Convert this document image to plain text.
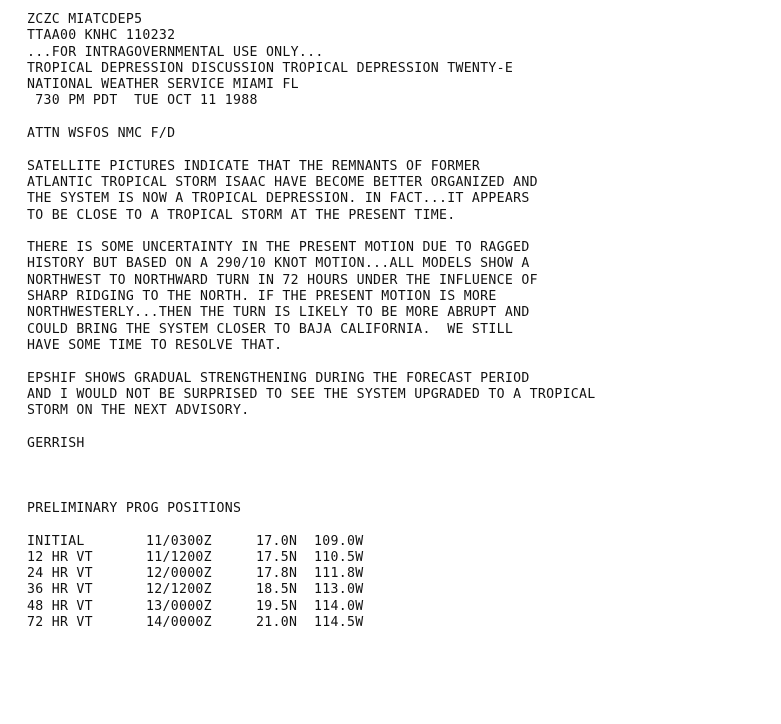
ZCZC MIATCDEP5
TTAA00 KNHC 110232
...FOR INTRAGOVERNMENTAL USE ONLY...
TROPICAL DEPRESSION DISCUSSION TROPICAL DEPRESSION TWENTY-E
NATIONAL WEATHER SERVICE MIAMI FL
730 PM PDT  TUE OCT 11 1988
ATTN WSFOS NMC F/D
SATELLITE PICTURES INDICATE THAT THE REMNANTS OF FORMER
ATLANTIC TROPICAL STORM ISAAC HAVE BECOME BETTER ORGANIZED AND
THE SYSTEM IS NOW A TROPICAL DEPRESSION. IN FACT...IT APPEARS
TO BE CLOSE TO A TROPICAL STORM AT THE PRESENT TIME.
THERE IS SOME UNCERTAINTY IN THE PRESENT MOTION DUE TO RAGGED
HISTORY BUT BASED ON A 290/10 KNOT MOTION...ALL MODELS SHOW A
NORTHWEST TO NORTHWARD TURN IN 72 HOURS UNDER THE INFLUENCE OF
SHARP RIDGING TO THE NORTH. IF THE PRESENT MOTION IS MORE
NORTHWESTERLY...THEN THE TURN IS LIKELY TO BE MORE ABRUPT AND
COULD BRING THE SYSTEM CLOSER TO BAJA CALIFORNIA.  WE STILL
HAVE SOME TIME TO RESOLVE THAT.
EPSHIF SHOWS GRADUAL STRENGTHENING DURING THE FORECAST PERIOD
AND I WOULD NOT BE SURPRISED TO SEE THE SYSTEM UPGRADED TO A TROPICAL
STORM ON THE NEXT ADVISORY.
GERRISH
PRELIMINARY PROG POSITIONS
INITIAL	11/0300Z	17.0N	109.0W
12 HR VT	11/1200Z	17.5N	110.5W
24 HR VT	12/0000Z	17.8N	111.8W
36 HR VT	12/1200Z	18.5N	113.0W
48 HR VT	13/0000Z	19.5N	114.0W
72 HR VT	14/0000Z	21.0N	114.5W
